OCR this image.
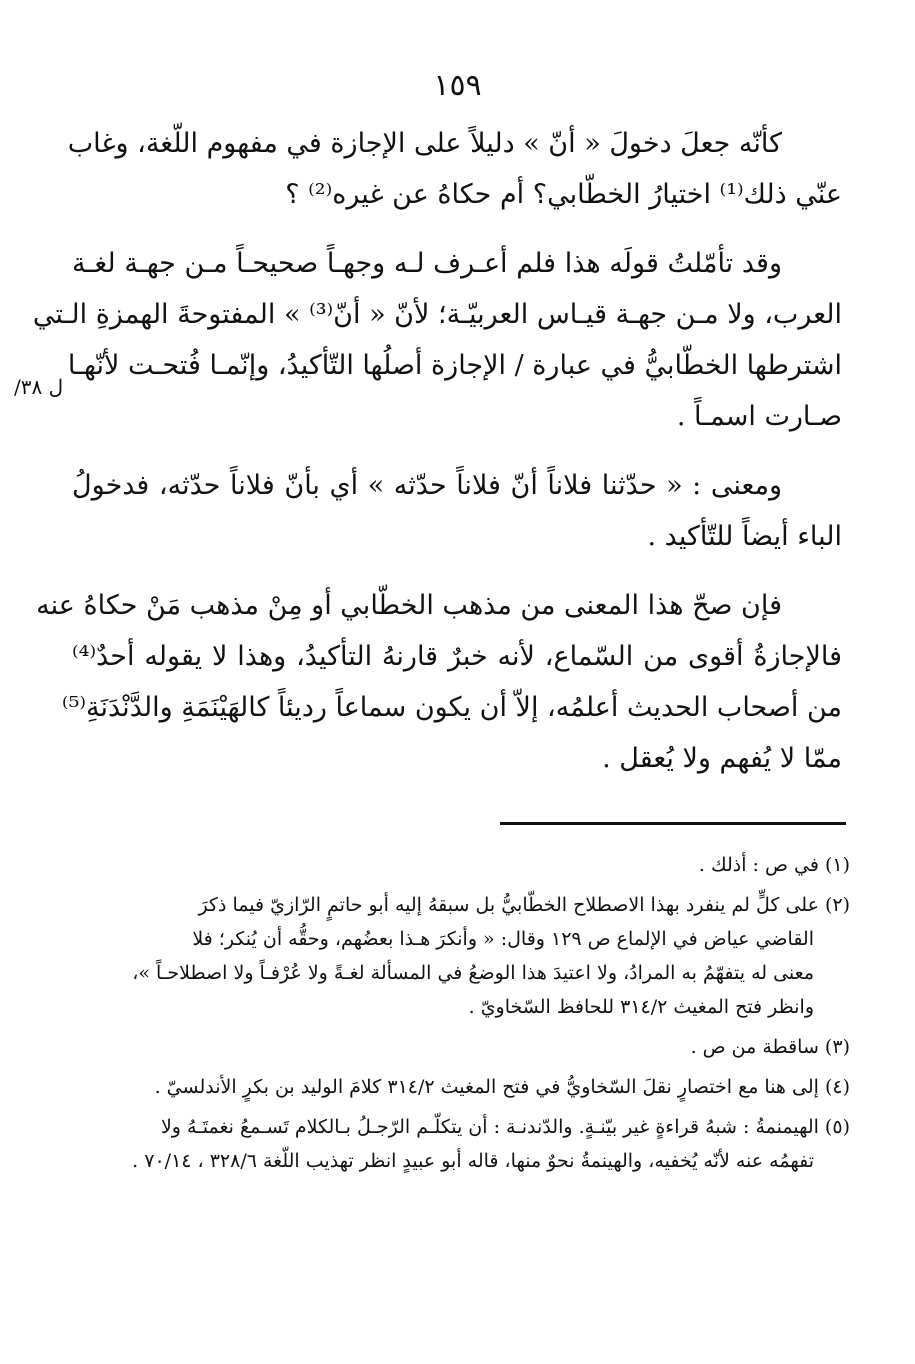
١٥٩
كأنّه جعلَ دخولَ « أنّ » دليلاً على الإجازة في مفهوم اللّغة، وغاب
عنّي ذلك⁽¹⁾ اختيارُ الخطّابي؟ أم حكاهُ عن غيره⁽²⁾ ؟
وقد تأمّلتُ قولَه هذا فلم أعـرف لـه وجهـاً صحيحـاً مـن جهـة لغـة
العرب، ولا مـن جهـة قيـاس العربيّـة؛ لأنّ « أنّ⁽³⁾ » المفتوحةَ الهمزةِ الـتي
اشترطها الخطّابيُّ في عبارة / الإجازة أصلُها التّأكيدُ، وإنّمـا فُتحـت لأنّهـا
صـارت اسمـاً .
ومعنى : « حدّثنا فلاناً أنّ فلاناً حدّثه » أي بأنّ فلاناً حدّثه، فدخولُ
الباء أيضاً للتّأكيد .
فإن صحّ هذا المعنى من مذهب الخطّابي أو مِنْ مذهب مَنْ حكاهُ عنه
فالإجازةُ أقوى من السّماع، لأنه خبرٌ قارنهُ التأكيدُ، وهذا لا يقوله أحدٌ⁽⁴⁾
من أصحاب الحديث أعلمُه، إلاّ أن يكون سماعاً رديئاً كالهَيْنَمَةِ والدَّنْدَنَةِ⁽⁵⁾
ممّا لا يُفهم ولا يُعقل .
ل ٣٨/
(١) في ص : أذلك .
(٢) على كلٍّ لم ينفرد بهذا الاصطلاح الخطّابيُّ بل سبقهُ إليه أبو حاتمٍ الرّازيّ فيما ذكرَ
القاضي عياض في الإلماع ص ١٢٩ وقال: « وأنكرَ هـذا بعضُهم، وحقُّه أن يُنكر؛ فلا
معنى له يتفهّمُ به المرادُ، ولا اعتيدَ هذا الوضعُ في المسألة لغـةً ولا عُرْفـاً ولا اصطلاحـاً »،
وانظر فتح المغيث ٣١٤/٢ للحافظ السّخاويّ .
(٣) ساقطة من ص .
(٤) إلى هنا مع اختصارٍ نقلَ السّخاويُّ في فتح المغيث ٣١٤/٢ كلامَ الوليد بن بكرٍ الأندلسيّ .
(٥) الهيمنمةُ : شبهُ قراءةٍ غير بيّنـةٍ. والدّندنـة : أن يتكلّـم الرّجـلُ بـالكلام تَسـمعُ نغمتَـهُ ولا
تفهمُه عنه لأنّه يُخفيه، والهينمةُ نحوٌ منها، قاله أبو عبيدٍ انظر تهذيب اللّغة ٣٢٨/٦ ، ٧٠/١٤ .
